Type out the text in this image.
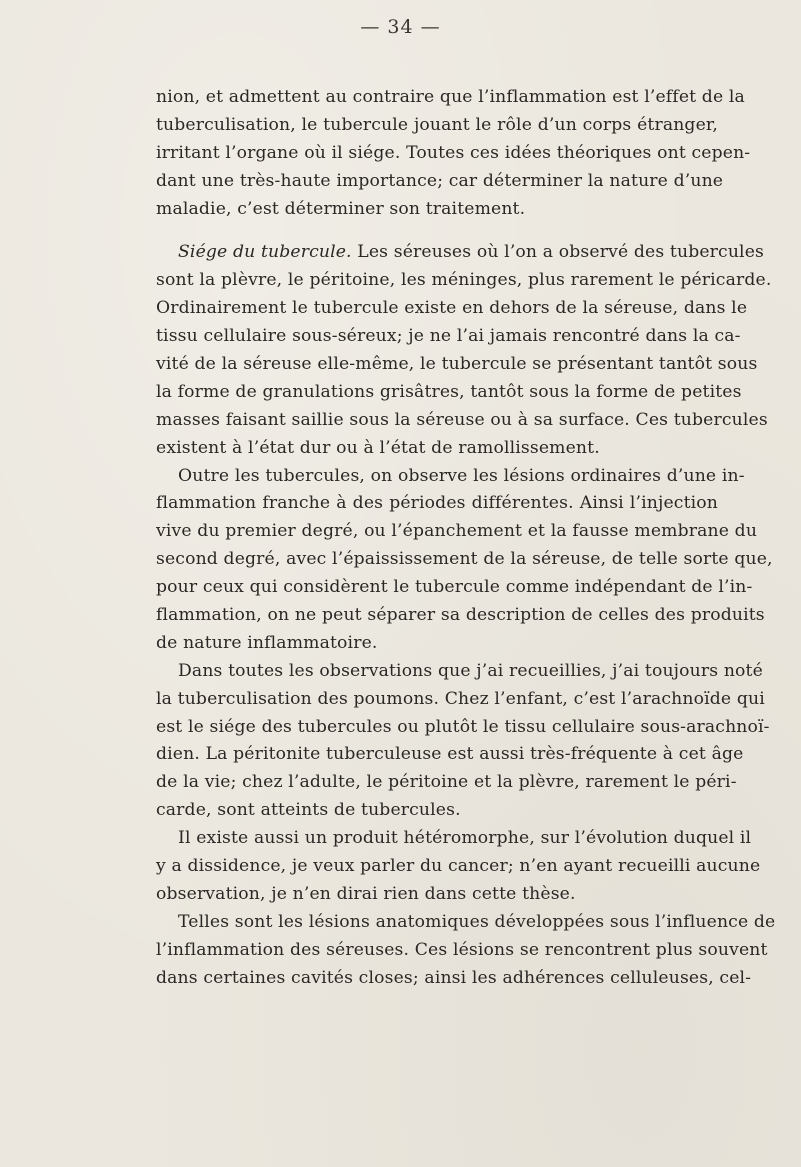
— 34 —
nion, et admettent au contraire que l’inflammation est l’effet de la
tuberculisation, le tubercule jouant le rôle d’un corps étranger,
irritant l’organe où il siége. Toutes ces idées théoriques ont cepen-
dant une très-haute importance; car déterminer la nature d’une
maladie, c’est déterminer son traitement.
Siége du tubercule. Les séreuses où l’on a observé des tubercules
sont la plèvre, le péritoine, les méninges, plus rarement le péricarde.
Ordinairement le tubercule existe en dehors de la séreuse, dans le
tissu cellulaire sous-séreux; je ne l’ai jamais rencontré dans la ca-
vité de la séreuse elle-même, le tubercule se présentant tantôt sous
la forme de granulations grisâtres, tantôt sous la forme de petites
masses faisant saillie sous la séreuse ou à sa surface. Ces tubercules
existent à l’état dur ou à l’état de ramollissement.
Outre les tubercules, on observe les lésions ordinaires d’une in-
flammation franche à des périodes différentes. Ainsi l’injection
vive du premier degré, ou l’épanchement et la fausse membrane du
second degré, avec l’épaississement de la séreuse, de telle sorte que,
pour ceux qui considèrent le tubercule comme indépendant de l’in-
flammation, on ne peut séparer sa description de celles des produits
de nature inflammatoire.
Dans toutes les observations que j’ai recueillies, j’ai toujours noté
la tuberculisation des poumons. Chez l’enfant, c’est l’arachnoïde qui
est le siége des tubercules ou plutôt le tissu cellulaire sous-arachnoï-
dien. La péritonite tuberculeuse est aussi très-fréquente à cet âge
de la vie; chez l’adulte, le péritoine et la plèvre, rarement le péri-
carde, sont atteints de tubercules.
Il existe aussi un produit hétéromorphe, sur l’évolution duquel il
y a dissidence, je veux parler du cancer; n’en ayant recueilli aucune
observation, je n’en dirai rien dans cette thèse.
Telles sont les lésions anatomiques développées sous l’influence de
l’inflammation des séreuses. Ces lésions se rencontrent plus souvent
dans certaines cavités closes; ainsi les adhérences celluleuses, cel-
